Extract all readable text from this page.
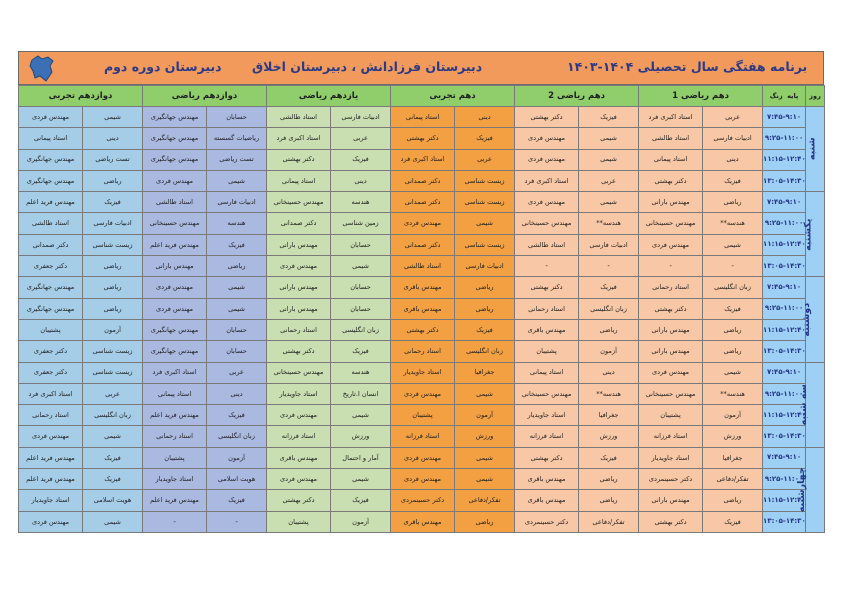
دبیرستان دوره دوم دبیرستان فرزادانش ، دبیرستان اخلاق	برنامه هفتگی سال تحصیلی ۱۴۰۴-۱۴۰۳
روز	پایه  زنگ	دهم ریاضی 1		دهم ریاضی 2		دهم تجربی		یازدهم ریاضی		دوازدهم ریاضی		دوازدهم تجربی	
شنبه	۷:۴۵-۹:۱۰	عربی	استاد اکبری فرد	فیزیک	دکتر بهشتی	دینی	استاد پیمانی	ادبیات فارسی	استاد طالشی	حسابان	مهندس جهانگیری	شیمی	مهندس فردی
	۹:۲۵-۱۱:۰۰	ادبیات فارسی	استاد طالشی	شیمی	مهندس فردی	فیزیک	دکتر بهشتی	عربی	استاد اکبری فرد	ریاضیات گسسته	مهندس جهانگیری	دینی	استاد پیمانی
	۱۱:۱۵-۱۲:۴۰	دینی	استاد پیمانی	شیمی	مهندس فردی	عربی	استاد اکبری فرد	فیزیک	دکتر بهشتی	تست ریاضی	مهندس جهانگیری	تست ریاضی	مهندس جهانگیری
	۱۳:۰۵-۱۴:۳۰	فیزیک	دکتر بهشتی	عربی	استاد اکبری فرد	زیست شناسی	دکتر صمدانی	دینی	استاد پیمانی	شیمی	مهندس فردی	ریاضی	مهندس جهانگیری
یکشنبه	۷:۴۵-۹:۱۰	ریاضی	مهندس بارانی	شیمی	مهندس فردی	زیست شناسی	دکتر صمدانی	هندسه	مهندس حسینخانی	ادبیات فارسی	استاد طالشی	فیزیک	مهندس فرید اعلم
	۹:۲۵-۱۱:۰۰	هندسه**	مهندس حسینخانی	هندسه**	مهندس حسینخانی	شیمی	مهندس فردی	زمین شناسی	دکتر صمدانی	هندسه	مهندس حسینخانی	ادبیات فارسی	استاد طالشی
	۱۱:۱۵-۱۲:۴۰	شیمی	مهندس فردی	ادبیات فارسی	استاد طالشی	زیست شناسی	دکتر صمدانی	حسابان	مهندس بارانی	فیزیک	مهندس فرید اعلم	زیست شناسی	دکتر صمدانی
	۱۳:۰۵-۱۴:۳۰	-	-	-	-	ادبیات فارسی	استاد طالشی	شیمی	مهندس فردی	ریاضی	مهندس بارانی	ریاضی	دکتر جعفری
دوشنبه	۷:۴۵-۹:۱۰	زبان انگلیسی	استاد رحمانی	فیزیک	دکتر بهشتی	ریاضی	مهندس باقری	حسابان	مهندس بارانی	شیمی	مهندس فردی	ریاضی	مهندس جهانگیری
	۹:۲۵-۱۱:۰۰	فیزیک	دکتر بهشتی	زبان انگلیسی	استاد رحمانی	ریاضی	مهندس باقری	حسابان	مهندس بارانی	شیمی	مهندس فردی	ریاضی	مهندس جهانگیری
	۱۱:۱۵-۱۲:۴۰	ریاضی	مهندس بارانی	ریاضی	مهندس باقری	فیزیک	دکتر بهشتی	زبان انگلیسی	استاد رحمانی	حسابان	مهندس جهانگیری	آزمون	پشتیبان
	۱۳:۰۵-۱۴:۳۰	ریاضی	مهندس بارانی	آزمون	پشتیبان	زبان انگلیسی	استاد رحمانی	فیزیک	دکتر بهشتی	حسابان	مهندس جهانگیری	زیست شناسی	دکتر جعفری
سه شنبه	۷:۴۵-۹:۱۰	شیمی	مهندس فردی	دینی	استاد پیمانی	جغرافیا	استاد جاویدیار	هندسه	مهندس حسینخانی	عربی	استاد اکبری فرد	زیست شناسی	دکتر جعفری
	۹:۲۵-۱۱:۰۰	هندسه**	مهندس حسینخانی	هندسه**	مهندس حسینخانی	شیمی	مهندس فردی	انسان ا.تاریخ	استاد جاویدیار	دینی	استاد پیمانی	عربی	استاد اکبری فرد
	۱۱:۱۵-۱۲:۴۰	آزمون	پشتیبان	جغرافیا	استاد جاویدیار	آزمون	پشتیبان	شیمی	مهندس فردی	فیزیک	مهندس فرید اعلم	زبان انگلیسی	استاد رحمانی
	۱۳:۰۵-۱۴:۳۰	ورزش	استاد فرزانه	ورزش	استاد فرزانه	ورزش	استاد فرزانه	ورزش	استاد فرزانه	زبان انگلیسی	استاد رحمانی	شیمی	مهندس فردی
چهارشنبه	۷:۴۵-۹:۱۰	جغرافیا	استاد جاویدیار	فیزیک	دکتر بهشتی	شیمی	مهندس فردی	آمار و احتمال	مهندس باقری	آزمون	پشتیبان	فیزیک	مهندس فرید اعلم
	۹:۲۵-۱۱:۰۰	تفکر/دفاعی	دکتر حسینمردی	ریاضی	مهندس باقری	شیمی	مهندس فردی	شیمی	مهندس فردی	هویت اسلامی	استاد جاویدیار	فیزیک	مهندس فرید اعلم
	۱۱:۱۵-۱۲:۴۰	ریاضی	مهندس بارانی	ریاضی	مهندس باقری	تفکر/دفاعی	دکتر حسینمردی	فیزیک	دکتر بهشتی	فیزیک	مهندس فرید اعلم	هویت اسلامی	استاد جاویدیار
	۱۳:۰۵-۱۴:۳۰	فیزیک	دکتر بهشتی	تفکر/دفاعی	دکتر حسینمردی	ریاضی	مهندس باقری	آزمون	پشتیبان	-	-	شیمی	مهندس فردی
